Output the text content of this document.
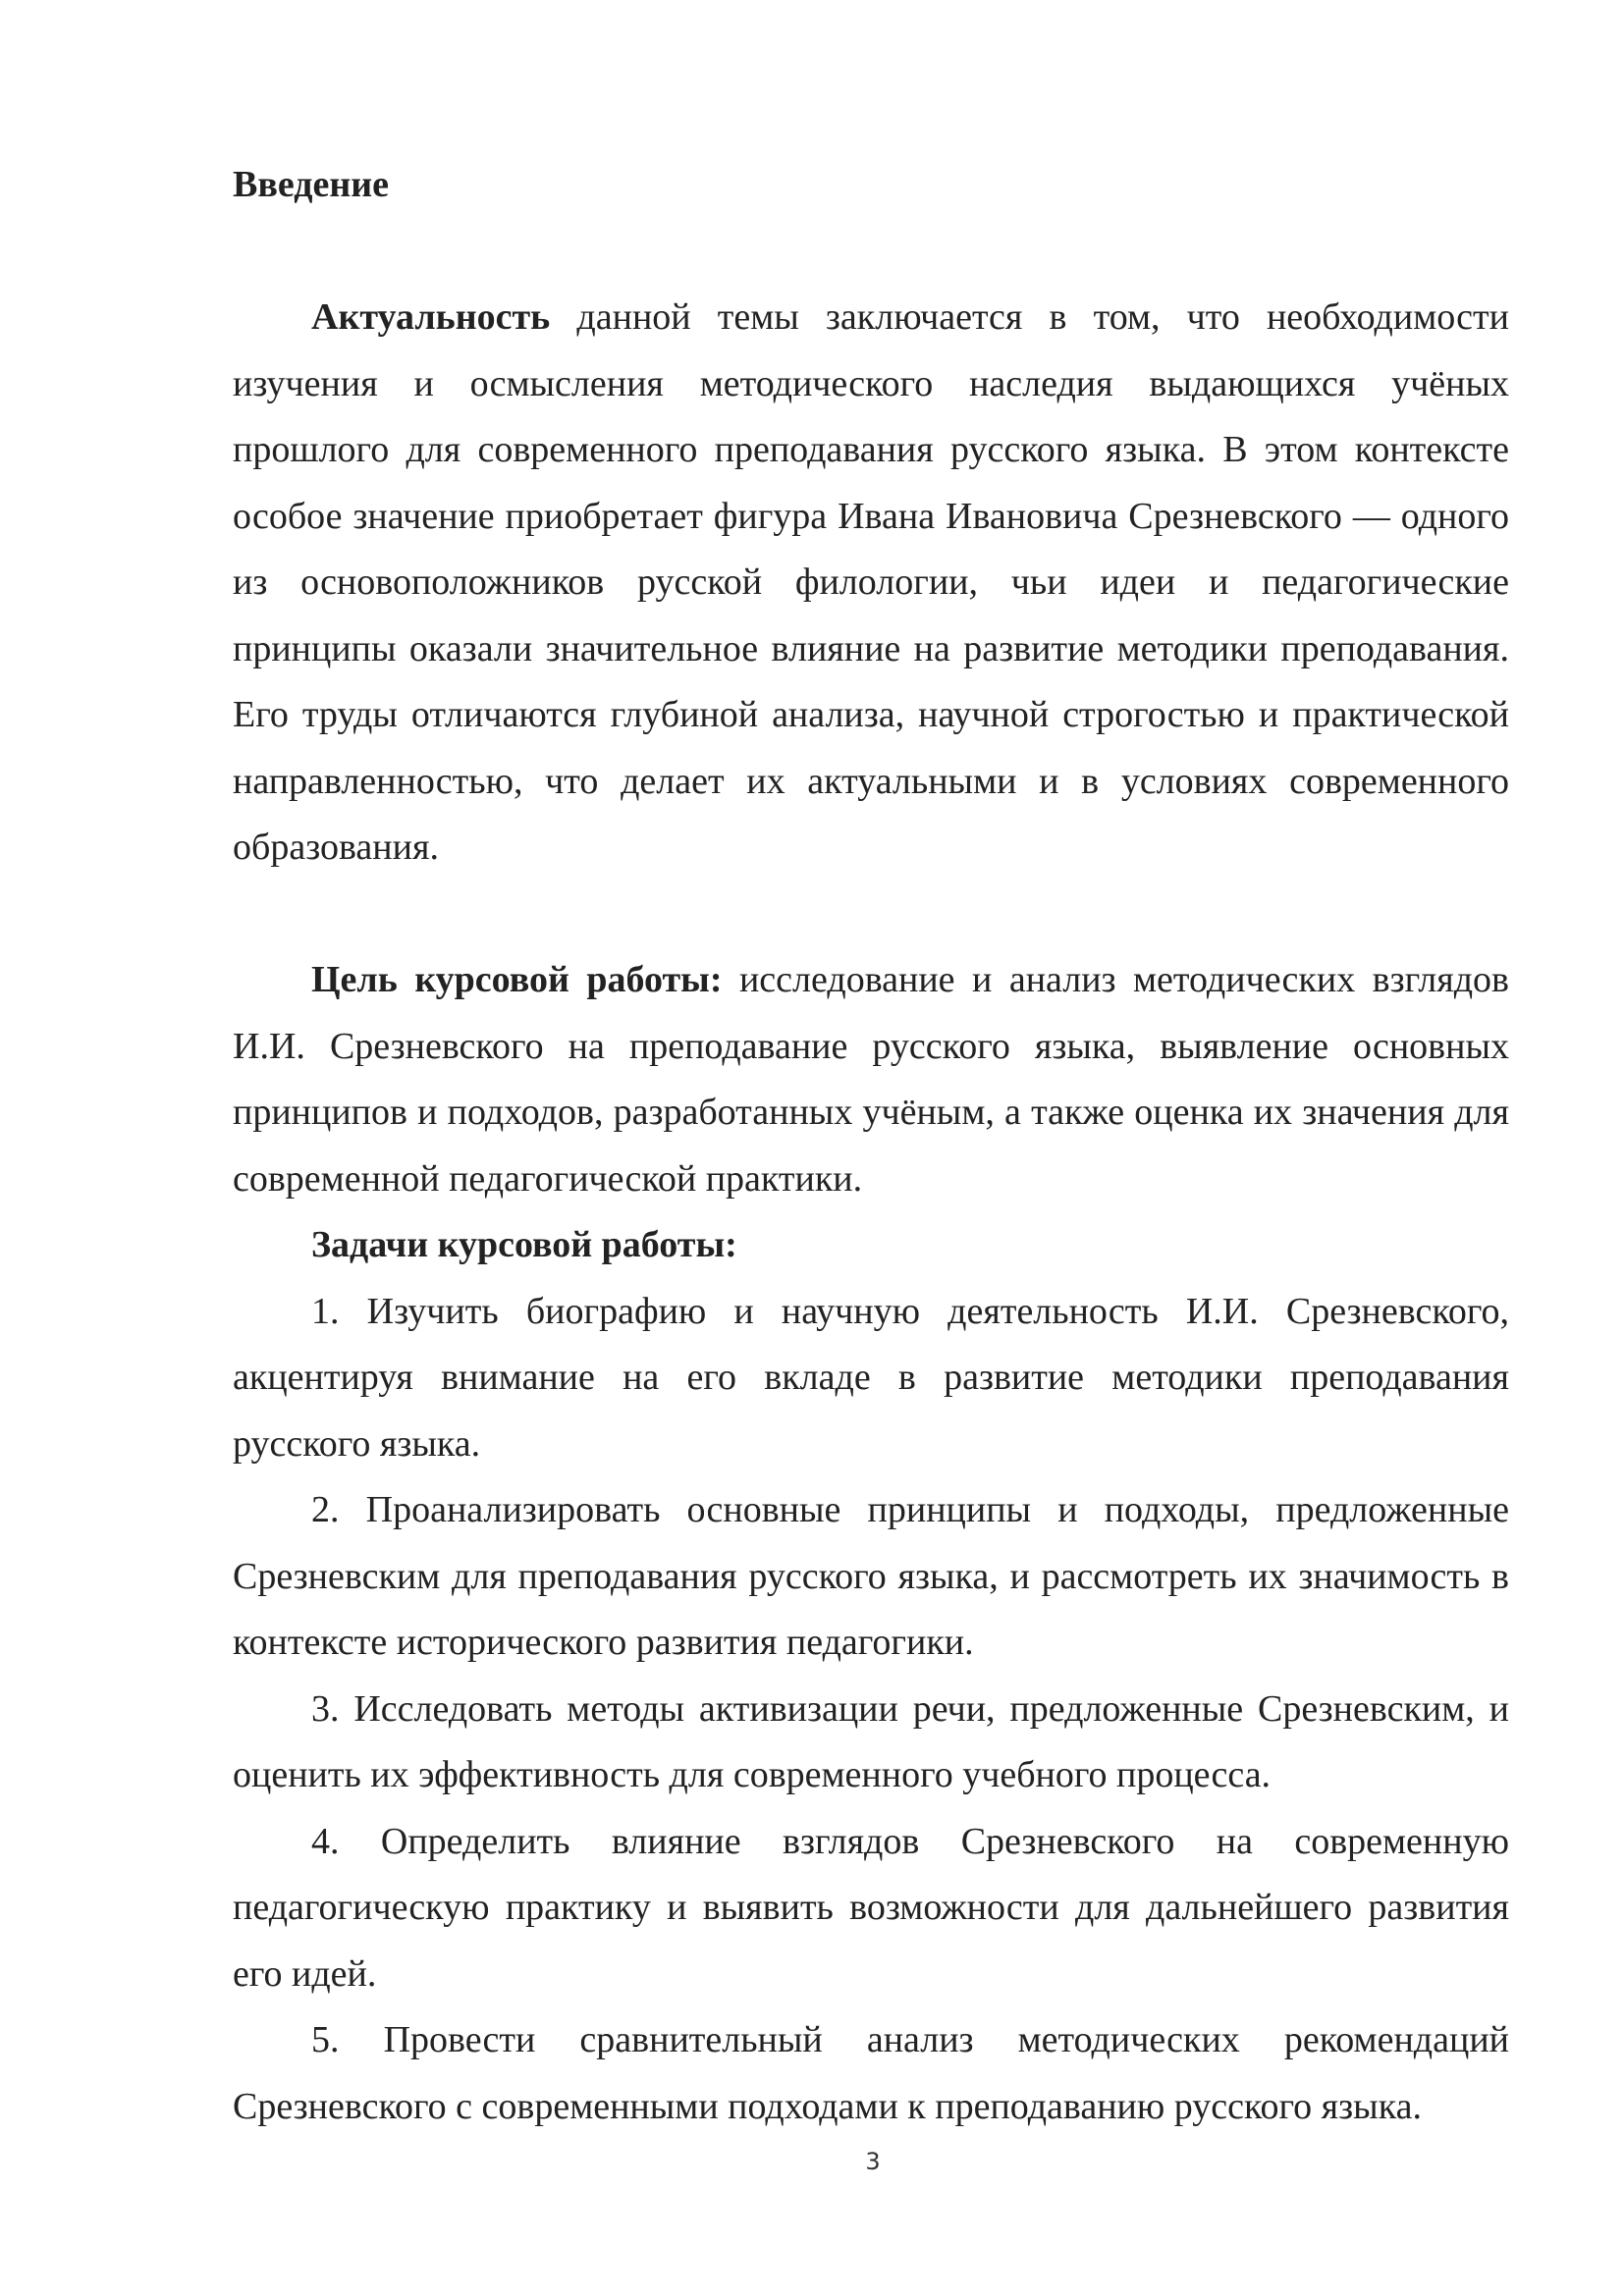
Введение

Актуальность данной темы заключается в том, что необходимости изучения и осмысления методического наследия выдающихся учёных прошлого для современного преподавания русского языка. В этом контексте особое значение приобретает фигура Ивана Ивановича Срезневского — одного из основоположников русской филологии, чьи идеи и педагогические принципы оказали значительное влияние на развитие методики преподавания. Его труды отличаются глубиной анализа, научной строгостью и практической направленностью, что делает их актуальными и в условиях современного образования.

Цель курсовой работы: исследование и анализ методических взглядов И.И. Срезневского на преподавание русского языка, выявление основных принципов и подходов, разработанных учёным, а также оценка их значения для современной педагогической практики.

Задачи курсовой работы:

1. Изучить биографию и научную деятельность И.И. Срезневского, акцентируя внимание на его вкладе в развитие методики преподавания русского языка.

2. Проанализировать основные принципы и подходы, предложенные Срезневским для преподавания русского языка, и рассмотреть их значимость в контексте исторического развития педагогики.

3. Исследовать методы активизации речи, предложенные Срезневским, и оценить их эффективность для современного учебного процесса.

4. Определить влияние взглядов Срезневского на современную педагогическую практику и выявить возможности для дальнейшего развития его идей.

5. Провести сравнительный анализ методических рекомендаций Срезневского с современными подходами к преподаванию русского языка.

3
